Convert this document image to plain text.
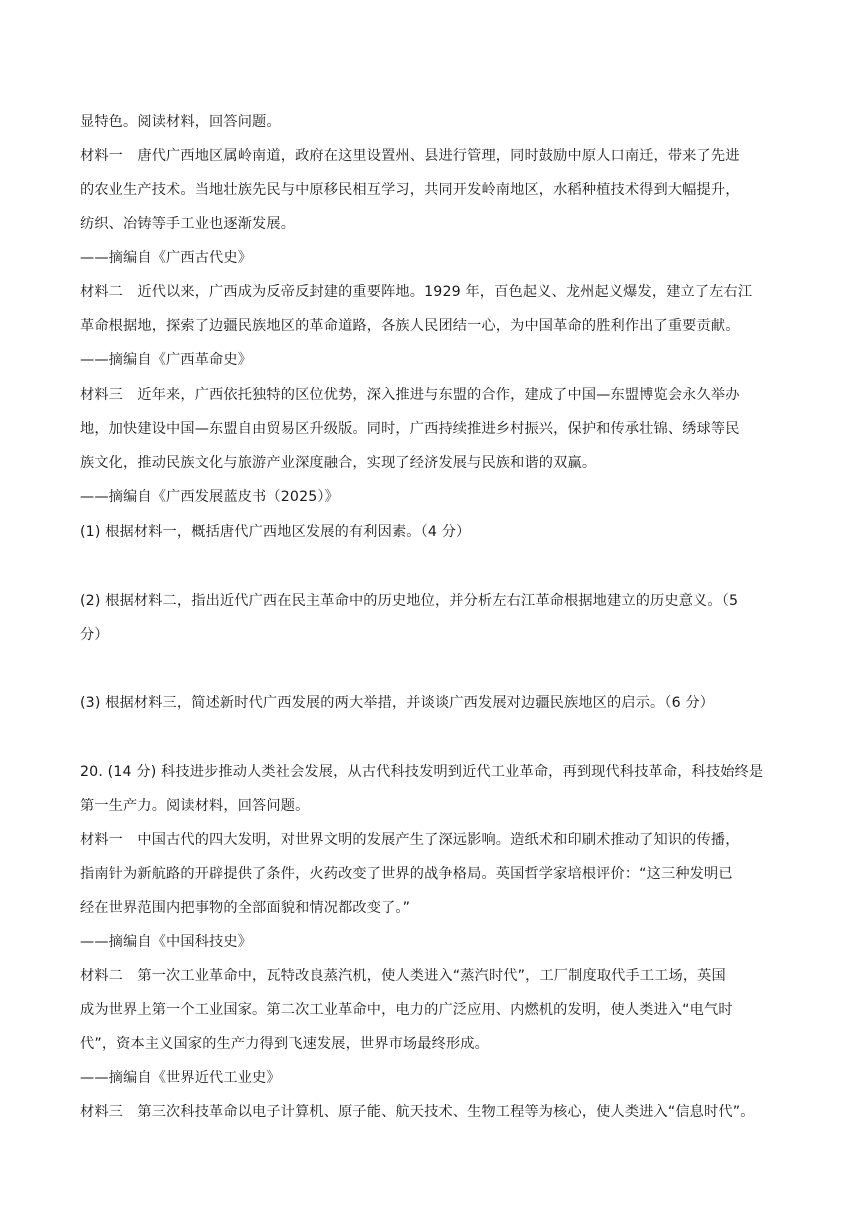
显特色。阅读材料，回答问题。
材料一　唐代广西地区属岭南道，政府在这里设置州、县进行管理，同时鼓励中原人口南迁，带来了先进
的农业生产技术。当地壮族先民与中原移民相互学习，共同开发岭南地区，水稻种植技术得到大幅提升，
纺织、冶铸等手工业也逐渐发展。
——摘编自《广西古代史》
材料二　近代以来，广西成为反帝反封建的重要阵地。1929 年，百色起义、龙州起义爆发，建立了左右江
革命根据地，探索了边疆民族地区的革命道路，各族人民团结一心，为中国革命的胜利作出了重要贡献。
——摘编自《广西革命史》
材料三　近年来，广西依托独特的区位优势，深入推进与东盟的合作，建成了中国—东盟博览会永久举办
地，加快建设中国—东盟自由贸易区升级版。同时，广西持续推进乡村振兴，保护和传承壮锦、绣球等民
族文化，推动民族文化与旅游产业深度融合，实现了经济发展与民族和谐的双赢。
——摘编自《广西发展蓝皮书（2025）》
(1) 根据材料一，概括唐代广西地区发展的有利因素。（4 分）
(2) 根据材料二，指出近代广西在民主革命中的历史地位，并分析左右江革命根据地建立的历史意义。（5
分）
(3) 根据材料三，简述新时代广西发展的两大举措，并谈谈广西发展对边疆民族地区的启示。（6 分）
20. (14 分) 科技进步推动人类社会发展，从古代科技发明到近代工业革命，再到现代科技革命，科技始终是
第一生产力。阅读材料，回答问题。
材料一　中国古代的四大发明，对世界文明的发展产生了深远影响。造纸术和印刷术推动了知识的传播，
指南针为新航路的开辟提供了条件，火药改变了世界的战争格局。英国哲学家培根评价：“这三种发明已
经在世界范围内把事物的全部面貌和情况都改变了。”
——摘编自《中国科技史》
材料二　第一次工业革命中，瓦特改良蒸汽机，使人类进入“蒸汽时代”，工厂制度取代手工工场，英国
成为世界上第一个工业国家。第二次工业革命中，电力的广泛应用、内燃机的发明，使人类进入“电气时
代”，资本主义国家的生产力得到飞速发展，世界市场最终形成。
——摘编自《世界近代工业史》
材料三　第三次科技革命以电子计算机、原子能、航天技术、生物工程等为核心，使人类进入“信息时代”。
